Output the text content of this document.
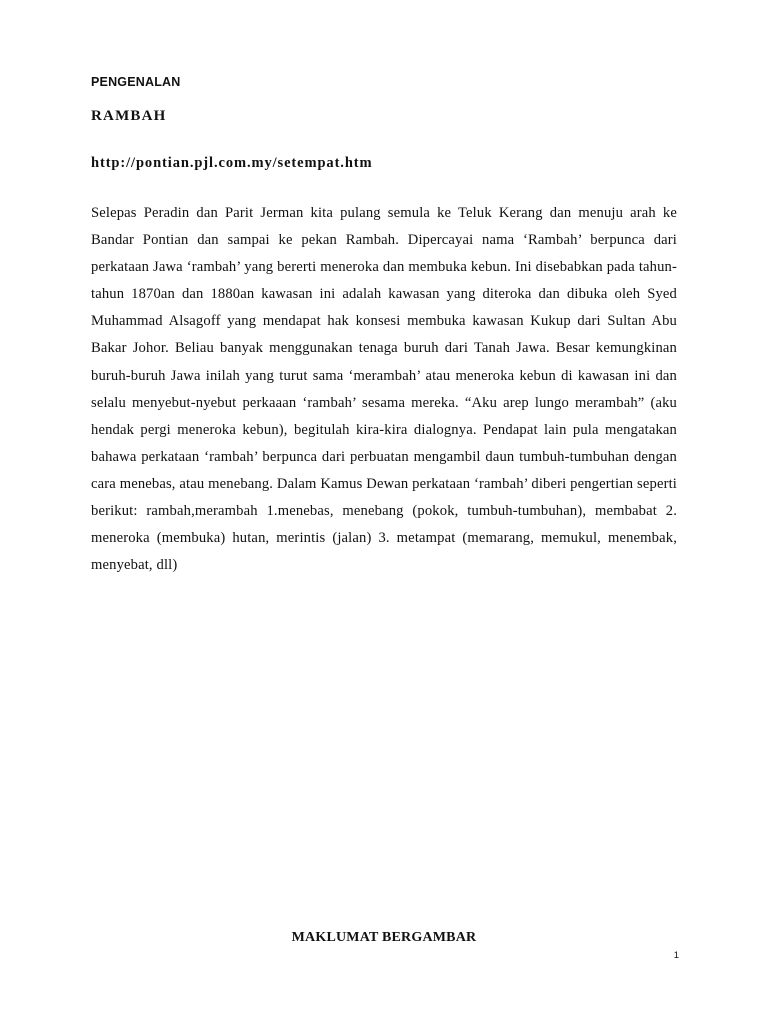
PENGENALAN
RAMBAH
http://pontian.pjl.com.my/setempat.htm

Selepas Peradin dan Parit Jerman kita pulang semula ke Teluk Kerang dan menuju arah ke Bandar Pontian dan sampai ke pekan Rambah. Dipercayai nama ‘Rambah’ berpunca dari perkataan Jawa ‘rambah’ yang bererti meneroka dan membuka kebun. Ini disebabkan pada tahun-tahun 1870an dan 1880an kawasan ini adalah kawasan yang diteroka dan dibuka oleh Syed Muhammad Alsagoff yang mendapat hak konsesi membuka kawasan Kukup dari Sultan Abu Bakar Johor. Beliau banyak menggunakan tenaga buruh dari Tanah Jawa. Besar kemungkinan buruh-buruh Jawa inilah yang turut sama ‘merambah’ atau meneroka kebun di kawasan ini dan selalu menyebut-nyebut perkaaan ‘rambah’ sesama mereka. “Aku arep lungo merambah” (aku hendak pergi meneroka kebun), begitulah kira-kira dialognya. Pendapat lain pula mengatakan bahawa perkataan ‘rambah’ berpunca dari perbuatan mengambil daun tumbuh-tumbuhan dengan cara menebas, atau menebang. Dalam Kamus Dewan perkataan ‘rambah’ diberi pengertian seperti berikut: rambah,merambah 1.menebas, menebang (pokok, tumbuh-tumbuhan), membabat 2. meneroka (membuka) hutan, merintis (jalan) 3. metampat (memarang, memukul, menembak, menyebat, dll)

MAKLUMAT BERGAMBAR
1
